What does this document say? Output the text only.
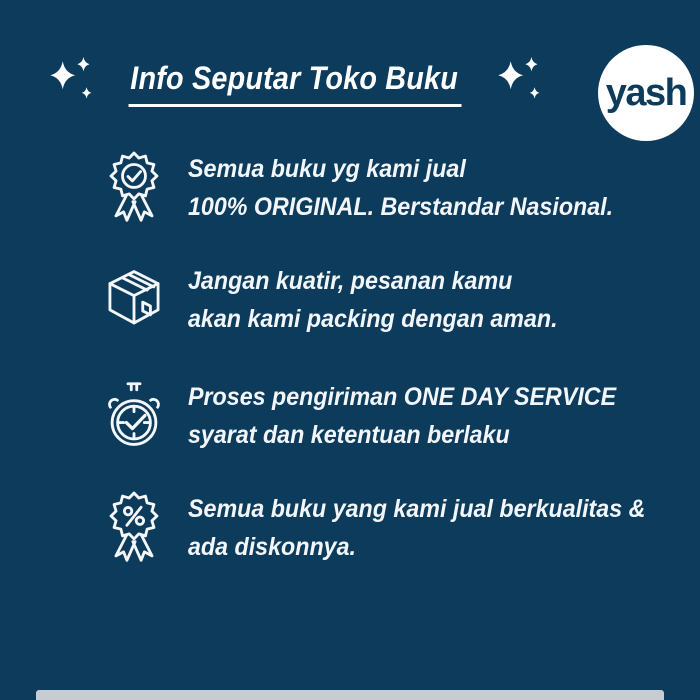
Info Seputar Toko Buku	yash
Semua buku yg kami jual
100% ORIGINAL. Berstandar Nasional.
Jangan kuatir, pesanan kamu
akan kami packing dengan aman.
Proses pengiriman ONE DAY SERVICE
syarat dan ketentuan berlaku
Semua buku yang kami jual berkualitas &
ada diskonnya.
